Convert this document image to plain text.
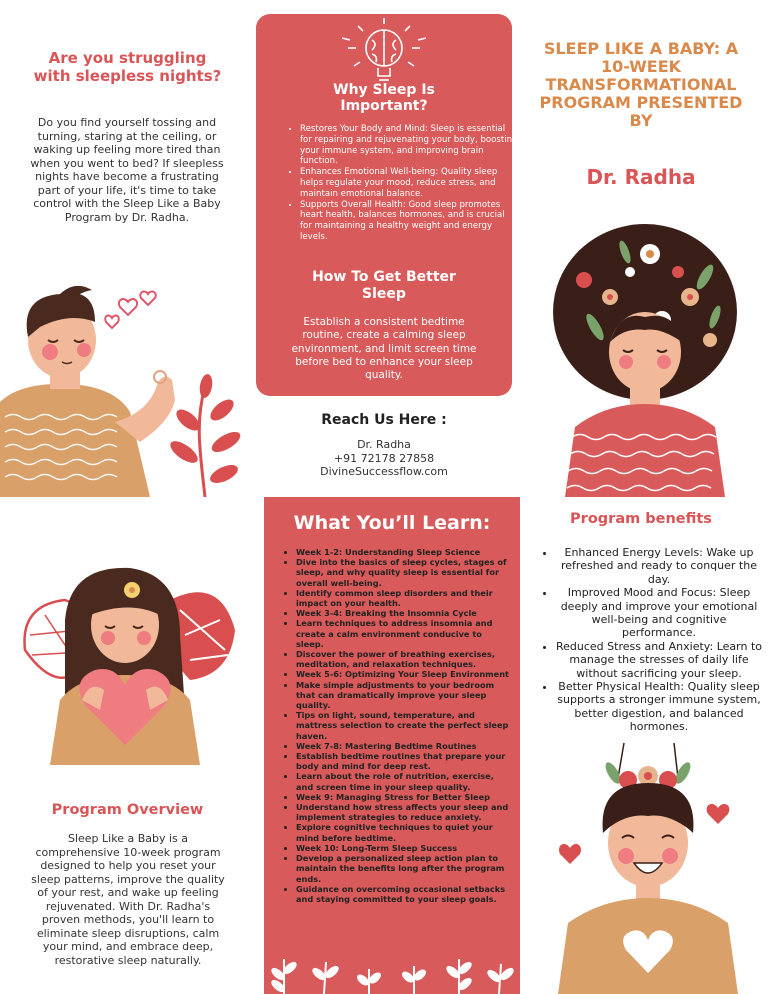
Are you struggling with sleepless nights?
Do you find yourself tossing and turning, staring at the ceiling, or waking up feeling more tired than when you went to bed? If sleepless nights have become a frustrating part of your life, it's time to take control with the Sleep Like a Baby Program by Dr. Radha.
Program Overview
Sleep Like a Baby is a comprehensive 10-week program designed to help you reset your sleep patterns, improve the quality of your rest, and wake up feeling rejuvenated. With Dr. Radha's proven methods, you'll learn to eliminate sleep disruptions, calm your mind, and embrace deep, restorative sleep naturally.
Why Sleep Is Important?
• Restores Your Body and Mind: Sleep is essential for repairing and rejuvenating your body, boosting your immune system, and improving brain function.
• Enhances Emotional Well-being: Quality sleep helps regulate your mood, reduce stress, and maintain emotional balance.
• Supports Overall Health: Good sleep promotes heart health, balances hormones, and is crucial for maintaining a healthy weight and energy levels.
How To Get Better Sleep
Establish a consistent bedtime routine, create a calming sleep environment, and limit screen time before bed to enhance your sleep quality.
Reach Us Here :
Dr. Radha
+91 72178 27858
DivineSuccessflow.com
What You’ll Learn:
• Week 1-2: Understanding Sleep Science
• Dive into the basics of sleep cycles, stages of sleep, and why quality sleep is essential for overall well-being.
• Identify common sleep disorders and their impact on your health.
• Week 3-4: Breaking the Insomnia Cycle
• Learn techniques to address insomnia and create a calm environment conducive to sleep.
• Discover the power of breathing exercises, meditation, and relaxation techniques.
• Week 5-6: Optimizing Your Sleep Environment
• Make simple adjustments to your bedroom that can dramatically improve your sleep quality.
• Tips on light, sound, temperature, and mattress selection to create the perfect sleep haven.
• Week 7-8: Mastering Bedtime Routines
• Establish bedtime routines that prepare your body and mind for deep rest.
• Learn about the role of nutrition, exercise, and screen time in your sleep quality.
• Week 9: Managing Stress for Better Sleep
• Understand how stress affects your sleep and implement strategies to reduce anxiety.
• Explore cognitive techniques to quiet your mind before bedtime.
• Week 10: Long-Term Sleep Success
• Develop a personalized sleep action plan to maintain the benefits long after the program ends.
• Guidance on overcoming occasional setbacks and staying committed to your sleep goals.
SLEEP LIKE A BABY: A 10-WEEK TRANSFORMATIONAL PROGRAM PRESENTED BY
Dr. Radha
Program benefits
• Enhanced Energy Levels: Wake up refreshed and ready to conquer the day.
• Improved Mood and Focus: Sleep deeply and improve your emotional well-being and cognitive performance.
• Reduced Stress and Anxiety: Learn to manage the stresses of daily life without sacrificing your sleep.
• Better Physical Health: Quality sleep supports a stronger immune system, better digestion, and balanced hormones.
